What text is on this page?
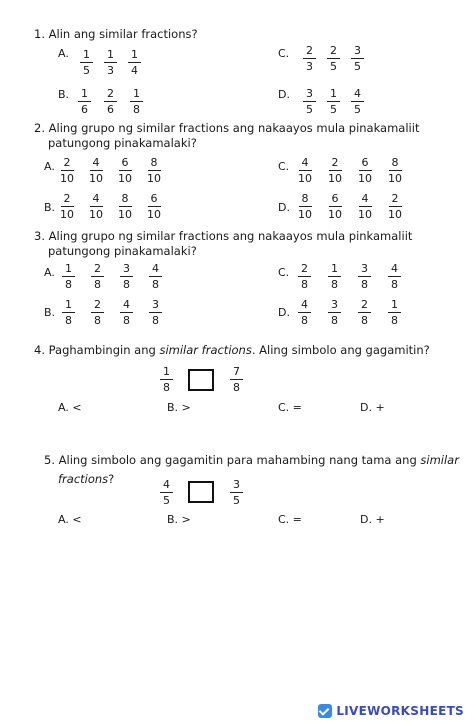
1. Alin ang similar fractions?
A.
B.
C.
D.
2. Aling grupo ng similar fractions ang nakaayos mula pinakamaliit
patungong pinakamalaki?
A.
B.
C.
D.
3. Aling grupo ng similar fractions ang nakaayos mula pinkamaliit
patungong pinakamalaki?
A.
B.
C.
D.
4. Paghambingin ang similar fractions. Aling simbolo ang gagamitin?
A. <	B. >	C. =	D. +
5. Aling simbolo ang gagamitin para mahambing nang tama ang similar
fractions?
A. <	B. >	C. =	D. +
LIVEWORKSHEETS
$\frac{1}{5} \frac{1}{3} \frac{1}{4}$
$\frac{1}{6} \frac{2}{6} \frac{1}{8}$
$\frac{2}{3} \frac{2}{5} \frac{3}{5}$
$\frac{3}{5} \frac{1}{5} \frac{4}{5}$
$\frac{2}{10} \frac{4}{10} \frac{6}{10} \frac{8}{10}$
$\frac{2}{10} \frac{4}{10} \frac{8}{10} \frac{6}{10}$
$\frac{4}{10} \frac{2}{10} \frac{6}{10} \frac{8}{10}$
$\frac{8}{10} \frac{6}{10} \frac{4}{10} \frac{2}{10}$
$\frac{1}{8} \frac{2}{8} \frac{3}{8} \frac{4}{8}$
$\frac{1}{8} \frac{2}{8} \frac{4}{8} \frac{3}{8}$
$\frac{2}{8} \frac{1}{8} \frac{3}{8} \frac{4}{8}$
$\frac{4}{8} \frac{3}{8} \frac{2}{8} \frac{1}{8}$
$\frac{1}{8}$	$\frac{7}{8}$
$\frac{4}{5}$	$\frac{3}{5}$
